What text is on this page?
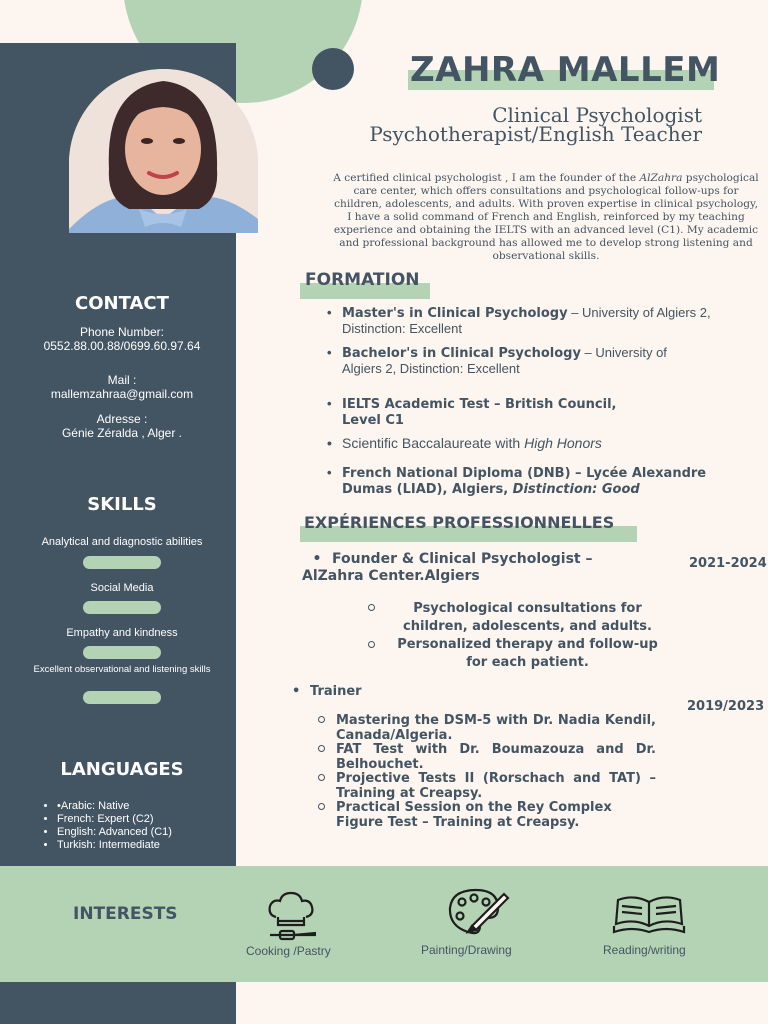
ZAHRA MALLEM
Clinical Psychologist
Psychotherapist/English Teacher
A certified clinical psychologist , I am the founder of the AlZahra psychological care center, which offers consultations and psychological follow-ups for children, adolescents, and adults. With proven expertise in clinical psychology, I have a solid command of French and English, reinforced by my teaching experience and obtaining the IELTS with an advanced level (C1). My academic and professional background has allowed me to develop strong listening and observational skills.
CONTACT
Phone Number:
0552.88.00.88/0699.60.97.64
Mail :
mallemzahraa@gmail.com
Adresse :
Génie Zéralda , Alger .
SKILLS
Analytical and diagnostic abilities
Social Media
Empathy and kindness
Excellent observational and listening skills
LANGUAGES
• •Arabic: Native
• French: Expert (C2)
• English: Advanced (C1)
• Turkish: Intermediate
FORMATION
• Master's in Clinical Psychology – University of Algiers 2, Distinction: Excellent
• Bachelor's in Clinical Psychology – University of Algiers 2, Distinction: Excellent
• IELTS Academic Test – British Council, Level C1
• Scientific Baccalaureate with High Honors
• French National Diploma (DNB) – Lycée Alexandre Dumas (LIAD), Algiers, Distinction: Good
EXPÉRIENCES PROFESSIONNELLES
• Founder & Clinical Psychologist – AlZahra Center.Algiers
2021-2024
Psychological consultations for children, adolescents, and adults.
Personalized therapy and follow-up for each patient.
• Trainer
2019/2023
Mastering the DSM-5 with Dr. Nadia Kendil, Canada/Algeria.
FAT Test with Dr. Boumazouza and Dr. Belhouchet.
Projective Tests II (Rorschach and TAT) – Training at Creapsy.
Practical Session on the Rey Complex Figure Test – Training at Creapsy.
INTERESTS
Cooking /Pastry	Painting/Drawing	Reading/writing
